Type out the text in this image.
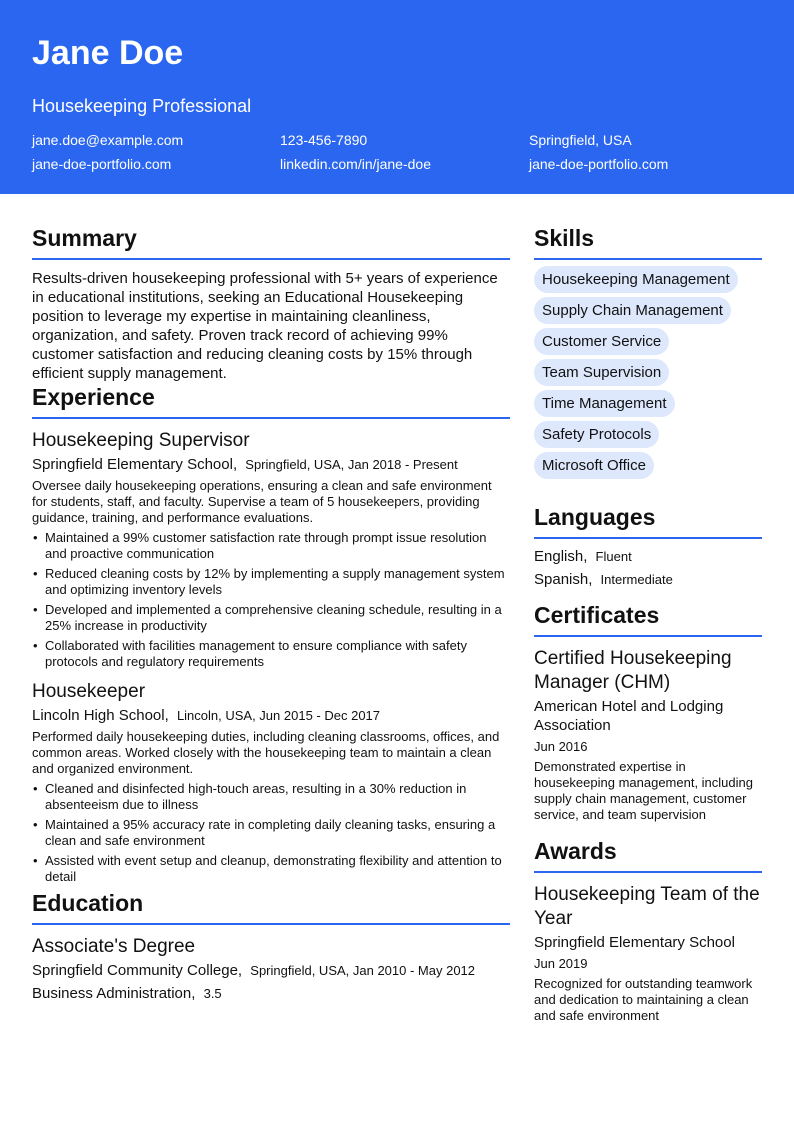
Jane Doe
Housekeeping Professional
jane.doe@example.com	123-456-7890	Springfield, USA
jane-doe-portfolio.com	linkedin.com/in/jane-doe	jane-doe-portfolio.com
Summary
Results-driven housekeeping professional with 5+ years of experience in educational institutions, seeking an Educational Housekeeping position to leverage my expertise in maintaining cleanliness, organization, and safety. Proven track record of achieving 99% customer satisfaction and reducing cleaning costs by 15% through efficient supply management.
Experience
Housekeeping Supervisor
Springfield Elementary School, Springfield, USA, Jan 2018 - Present
Oversee daily housekeeping operations, ensuring a clean and safe environment for students, staff, and faculty. Supervise a team of 5 housekeepers, providing guidance, training, and performance evaluations.
• Maintained a 99% customer satisfaction rate through prompt issue resolution and proactive communication
• Reduced cleaning costs by 12% by implementing a supply management system and optimizing inventory levels
• Developed and implemented a comprehensive cleaning schedule, resulting in a 25% increase in productivity
• Collaborated with facilities management to ensure compliance with safety protocols and regulatory requirements
Housekeeper
Lincoln High School, Lincoln, USA, Jun 2015 - Dec 2017
Performed daily housekeeping duties, including cleaning classrooms, offices, and common areas. Worked closely with the housekeeping team to maintain a clean and organized environment.
• Cleaned and disinfected high-touch areas, resulting in a 30% reduction in absenteeism due to illness
• Maintained a 95% accuracy rate in completing daily cleaning tasks, ensuring a clean and safe environment
• Assisted with event setup and cleanup, demonstrating flexibility and attention to detail
Education
Associate's Degree
Springfield Community College, Springfield, USA, Jan 2010 - May 2012
Business Administration, 3.5
Skills
Housekeeping Management
Supply Chain Management
Customer Service
Team Supervision
Time Management
Safety Protocols
Microsoft Office
Languages
English, Fluent
Spanish, Intermediate
Certificates
Certified Housekeeping Manager (CHM)
American Hotel and Lodging Association
Jun 2016
Demonstrated expertise in housekeeping management, including supply chain management, customer service, and team supervision
Awards
Housekeeping Team of the Year
Springfield Elementary School
Jun 2019
Recognized for outstanding teamwork and dedication to maintaining a clean and safe environment
